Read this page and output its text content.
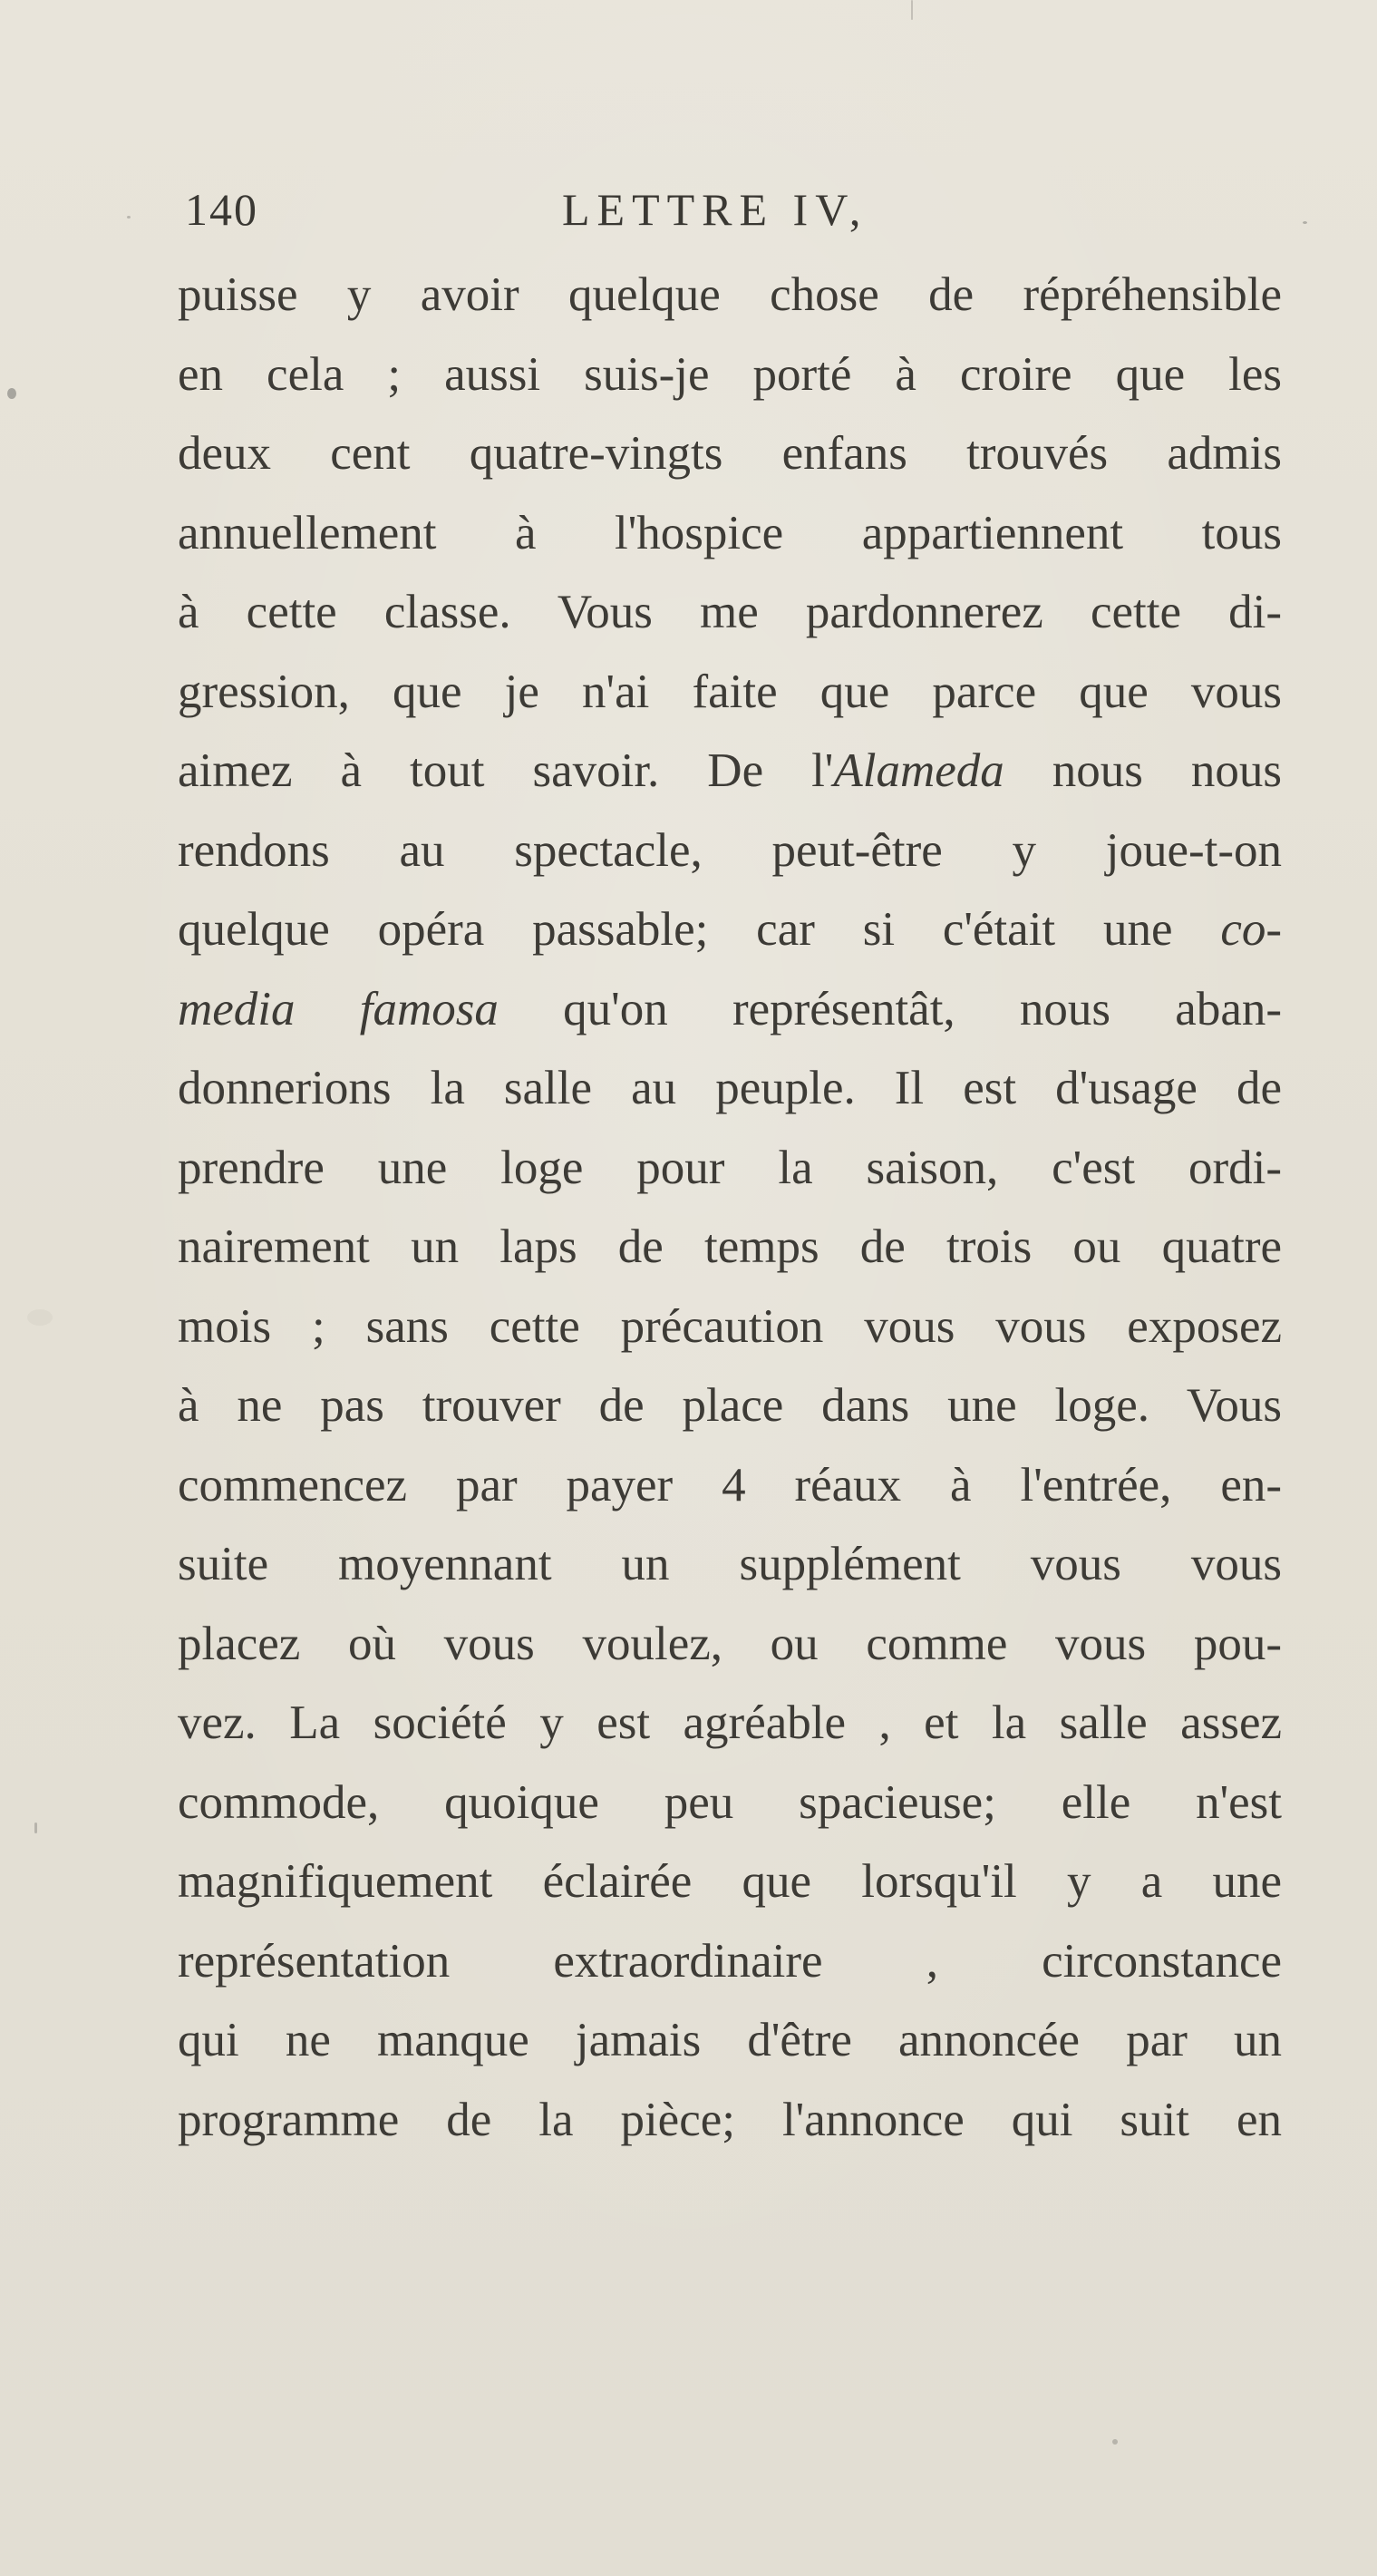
140	LETTRE IV,
puisse y avoir quelque chose de répréhensible
en cela ; aussi suis-je porté à croire que les
deux cent quatre-vingts enfans trouvés admis
annuellement à l'hospice appartiennent tous
à cette classe. Vous me pardonnerez cette di-
gression, que je n'ai faite que parce que vous
aimez à tout savoir. De l'Alameda nous nous
rendons au spectacle, peut-être y joue-t-on
quelque opéra passable; car si c'était une co-
media famosa qu'on représentât, nous aban-
donnerions la salle au peuple. Il est d'usage de
prendre une loge pour la saison, c'est ordi-
nairement un laps de temps de trois ou quatre
mois ; sans cette précaution vous vous exposez
à ne pas trouver de place dans une loge. Vous
commencez par payer 4 réaux à l'entrée, en-
suite moyennant un supplément vous vous
placez où vous voulez, ou comme vous pou-
vez. La société y est agréable , et la salle assez
commode, quoique peu spacieuse; elle n'est
magnifiquement éclairée que lorsqu'il y a une
représentation extraordinaire , circonstance
qui ne manque jamais d'être annoncée par un
programme de la pièce; l'annonce qui suit en
